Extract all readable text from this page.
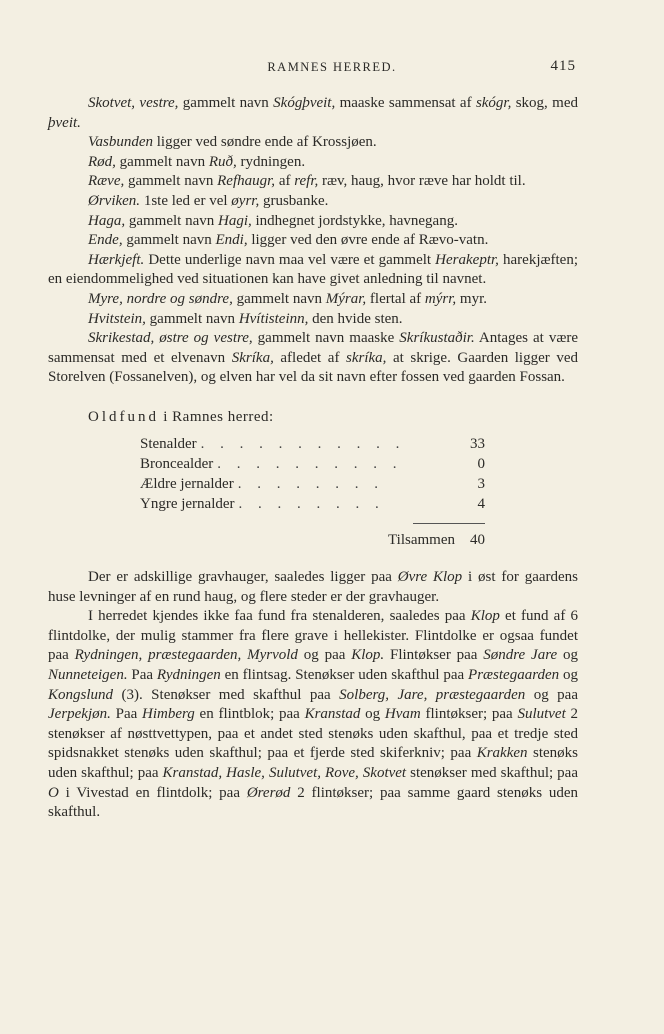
RAMNES HERRED.	415

Skotvet, vestre, gammelt navn Skógþveit, maaske sammensat af skógr, skog, med þveit.

Vasbunden ligger ved søndre ende af Krossjøen.

Rød, gammelt navn Ruð, rydningen.

Ræve, gammelt navn Refhaugr, af refr, ræv, haug, hvor ræve har holdt til.

Ørviken. 1ste led er vel øyrr, grusbanke.

Haga, gammelt navn Hagi, indhegnet jordstykke, havnegang.

Ende, gammelt navn Endi, ligger ved den øvre ende af Rævo-vatn.

Hærkjeft. Dette underlige navn maa vel være et gammelt Herakeptr, harekjæften; en eiendommelighed ved situationen kan have givet anledning til navnet.

Myre, nordre og søndre, gammelt navn Mýrar, flertal af mýrr, myr.

Hvitstein, gammelt navn Hvítisteinn, den hvide sten.

Skrikestad, østre og vestre, gammelt navn maaske Skríkustaðir. Antages at være sammensat med et elvenavn Skríka, afledet af skríka, at skrige. Gaarden ligger ved Storelven (Fossanelven), og elven har vel da sit navn efter fossen ved gaarden Fossan.

Oldfund i Ramnes herred:
Stenalder . . . . . . . . . . .	33
Broncealder . . . . . . . . . .	0
Ældre jernalder . . . . . . . .	3
Yngre jernalder . . . . . . . .	4
Tilsammen	40

Der er adskillige gravhauger, saaledes ligger paa Øvre Klop i øst for gaardens huse levninger af en rund haug, og flere steder er der gravhauger.

I herredet kjendes ikke faa fund fra stenalderen, saaledes paa Klop et fund af 6 flintdolke, der mulig stammer fra flere grave i hellekister. Flintdolke er ogsaa fundet paa Rydningen, præstegaarden, Myrvold og paa Klop. Flintøkser paa Søndre Jare og Nunneteigen. Paa Rydningen en flintsag. Stenøkser uden skafthul paa Præstegaarden og Kongslund (3). Stenøkser med skafthul paa Solberg, Jare, præstegaarden og paa Jerpekjøn. Paa Himberg en flintblok; paa Kranstad og Hvam flintøkser; paa Sulutvet 2 stenøkser af nøsttvettypen, paa et andet sted stenøks uden skafthul, paa et tredje sted spidsnakket stenøks uden skafthul; paa et fjerde sted skiferkniv; paa Krakken stenøks uden skafthul; paa Kranstad, Hasle, Sulutvet, Rove, Skotvet stenøkser med skafthul; paa O i Vivestad en flintdolk; paa Ørerød 2 flintøkser; paa samme gaard stenøks uden skafthul.
